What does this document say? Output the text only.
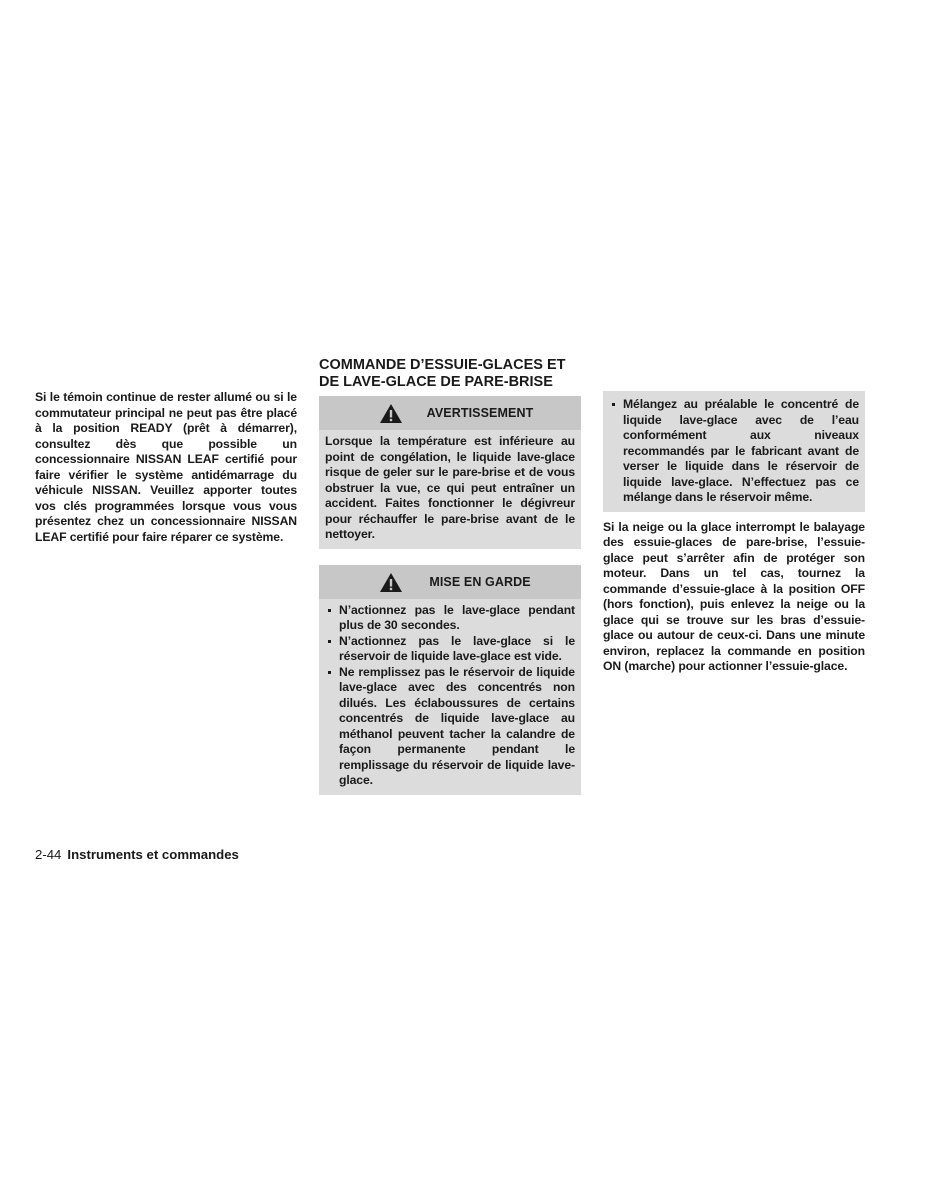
Si le témoin continue de rester allumé ou si le commutateur principal ne peut pas être placé à la position READY (prêt à démarrer), consultez dès que possible un concessionnaire NISSAN LEAF certifié pour faire vérifier le système antidémarrage du véhicule NISSAN. Veuillez apporter toutes vos clés programmées lorsque vous vous présentez chez un concessionnaire NISSAN LEAF certifié pour faire réparer ce système.

COMMANDE D’ESSUIE-GLACES ET
DE LAVE-GLACE DE PARE-BRISE
AVERTISSEMENT
Lorsque la température est inférieure au point de congélation, le liquide lave-glace risque de geler sur le pare-brise et de vous obstruer la vue, ce qui peut entraîner un accident. Faites fonctionner le dégivreur pour réchauffer le pare-brise avant de le nettoyer.
MISE EN GARDE
N’actionnez pas le lave-glace pendant plus de 30 secondes.
N’actionnez pas le lave-glace si le réservoir de liquide lave-glace est vide.
Ne remplissez pas le réservoir de liquide lave-glace avec des concentrés non dilués. Les éclaboussures de certains concentrés de liquide lave-glace au méthanol peuvent tacher la calandre de façon permanente pendant le remplissage du réservoir de liquide lave-glace.
Mélangez au préalable le concentré de liquide lave-glace avec de l’eau conformément aux niveaux recommandés par le fabricant avant de verser le liquide dans le réservoir de liquide lave-glace. N’effectuez pas ce mélange dans le réservoir même.

Si la neige ou la glace interrompt le balayage des essuie-glaces de pare-brise, l’essuie-glace peut s’arrêter afin de protéger son moteur. Dans un tel cas, tournez la commande d’essuie-glace à la position OFF (hors fonction), puis enlevez la neige ou la glace qui se trouve sur les bras d’essuie-glace ou autour de ceux-ci. Dans une minute environ, replacez la commande en position ON (marche) pour actionner l’essuie-glace.

2-44 Instruments et commandes
